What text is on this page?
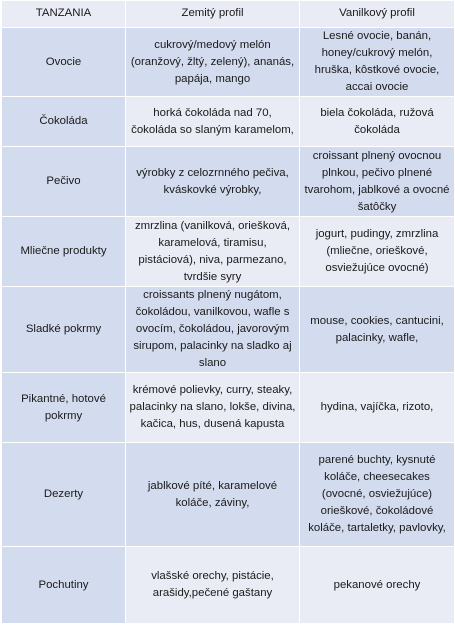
TANZANIA	Zemitý profil	Vanilkový profil
Ovocie	cukrový/medový melón (oranžový, žltý, zelený), ananás, papája, mango	Lesné ovocie, banán, honey/cukrový melón, hruška, kôstkové ovocie, accai ovocie
Čokoláda	horká čokoláda nad 70, čokoláda so slaným karamelom,	biela čokoláda, ružová čokoláda
Pečivo	výrobky z celozrnného pečiva, kváskovké výrobky,	croissant plnený ovocnou plnkou, pečivo plnené tvarohom, jablkové a ovocné šatôčky
Mliečne produkty	zmrzlina (vanilková, oriešková, karamelová, tiramisu, pistáciová), niva, parmezano, tvrdšie syry	jogurt, pudingy, zmrzlina (mliečne, orieškové, osviežujúce ovocné)
Sladké pokrmy	croissants plnený nugátom, čokoládou, vanilkovou, wafle s ovocím, čokoládou, javorovým sirupom, palacinky na sladko aj slano	mouse, cookies, cantucini, palacinky, wafle,
Pikantné, hotové pokrmy	krémové polievky, curry, steaky, palacinky na slano, lokše, divina, kačica, hus, dusená kapusta	hydina, vajíčka, rizoto,
Dezerty	jablkové píté, karamelové koláče, záviny,	parené buchty, kysnuté koláče, cheesecakes (ovocné, osviežujúce) orieškové, čokoládové koláče, tartaletky, pavlovky,
Pochutiny	vlašské orechy, pistácie, arašidy,pečené gaštany	pekanové orechy
